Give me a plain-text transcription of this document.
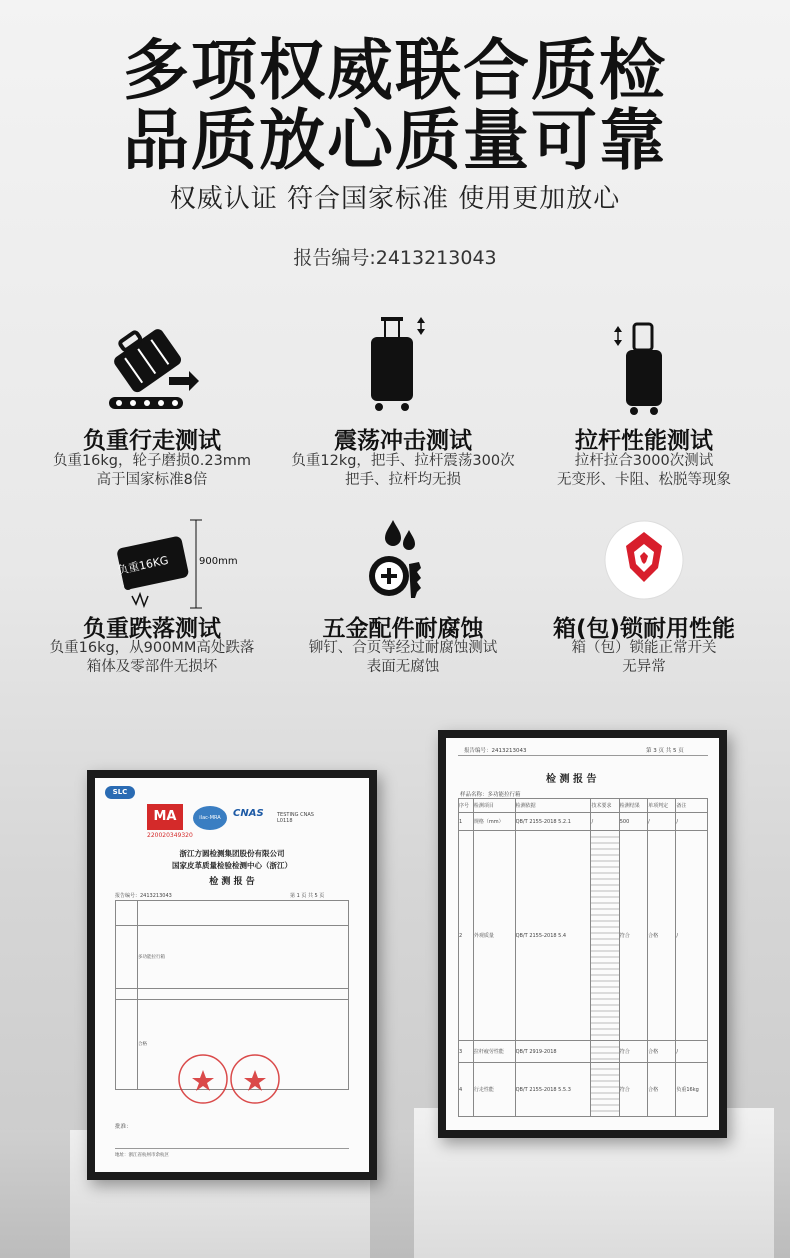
多项权威联合质检
品质放心质量可靠
权威认证 符合国家标准 使用更加放心
报告编号:2413213043
负重行走测试
负重16kg，轮子磨损0.23mm
高于国家标准8倍
震荡冲击测试
负重12kg，把手、拉杆震荡300次
把手、拉杆均无损
拉杆性能测试
拉杆拉合3000次测试
无变形、卡阻、松脱等现象
负重16KG	900mm
负重跌落测试
负重16kg，从900MM高处跌落
箱体及零部件无损坏
五金配件耐腐蚀
铆钉、合页等经过耐腐蚀测试
表面无腐蚀
箱(包)锁耐用性能
箱（包）锁能正常开关
无异常
报告编号：2413213043	第 3 页 共 5 页
检 测 报 告
样品名称：多功能拉行箱
序号	检测项目	检测依据	技术要求	检测结果	单项判定	备注
1	规格（mm）	QB/T 2155-2018 5.2.1	/	500	/	/
2	外观质量	QB/T 2155-2018 5.4		符合	合格	/
3	拉杆疲劳性能	QB/T 2919-2018		符合	合格	/
4	行走性能	QB/T 2155-2018 5.5.3		符合	合格	负重16kg
SLC
MA
220020349320
ilac-MRA	CNAS	TESTING CNAS L0118
浙江方圆检测集团股份有限公司
国家皮革质量检验检测中心（浙江）
检 测 报 告
报告编号：2413213043	第 1 页 共 5 页

	多功能拉行箱

	合格
批准：
地址：浙江省杭州市余杭区
